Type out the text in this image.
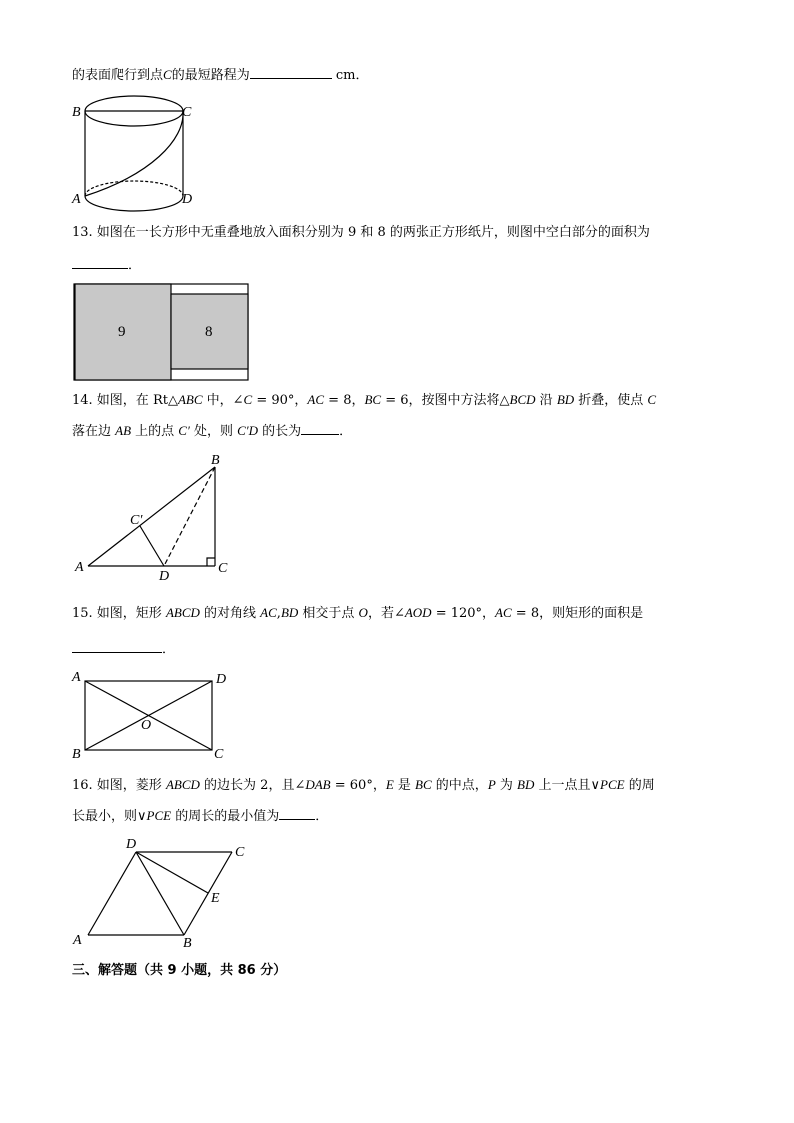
的表面爬行到点C的最短路程为	cm．
B	C
A	D
13. 如图在一长方形中无重叠地放入面积分别为 9 和 8 的两张正方形纸片，则图中空白部分的面积为
．
9	8
14. 如图，在 Rt△ABC 中，∠C = 90°，AC = 8，BC = 6，按图中方法将△BCD 沿 BD 折叠，使点 C
落在边 AB 上的点 C′ 处，则 C′D 的长为	．
B
C′
A
D
C
15. 如图，矩形 ABCD 的对角线 AC,BD 相交于点 O，若∠AOD = 120°，AC = 8，则矩形的面积是
．
A	D
O
B	C
16. 如图，菱形 ABCD 的边长为 2，且∠DAB = 60°，E 是 BC 的中点，P 为 BD 上一点且∨PCE 的周
长最小，则∨PCE 的周长的最小值为	．
D
C
E
A	B
三、解答题（共 9 小题，共 86 分）
